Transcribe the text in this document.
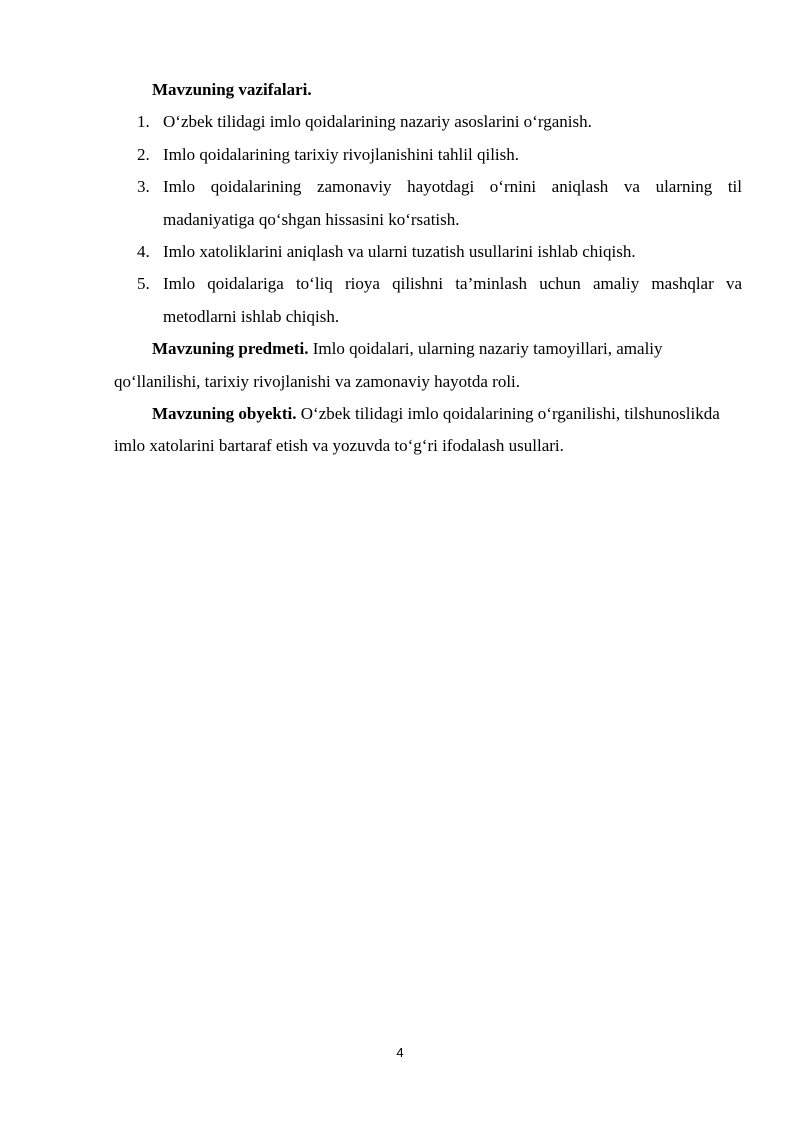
Mavzuning vazifalari.

1. O‘zbek tilidagi imlo qoidalarining nazariy asoslarini o‘rganish.
2. Imlo qoidalarining tarixiy rivojlanishini tahlil qilish.
3. Imlo qoidalarining zamonaviy hayotdagi o‘rnini aniqlash va ularning til madaniyatiga qo‘shgan hissasini ko‘rsatish.
4. Imlo xatoliklarini aniqlash va ularni tuzatish usullarini ishlab chiqish.
5. Imlo qoidalariga to‘liq rioya qilishni ta’minlash uchun amaliy mashqlar va metodlarni ishlab chiqish.

Mavzuning predmeti. Imlo qoidalari, ularning nazariy tamoyillari, amaliy qo‘llanilishi, tarixiy rivojlanishi va zamonaviy hayotda roli.

Mavzuning obyekti. O‘zbek tilidagi imlo qoidalarining o‘rganilishi, tilshunoslikda imlo xatolarini bartaraf etish va yozuvda to‘g‘ri ifodalash usullari.

4
